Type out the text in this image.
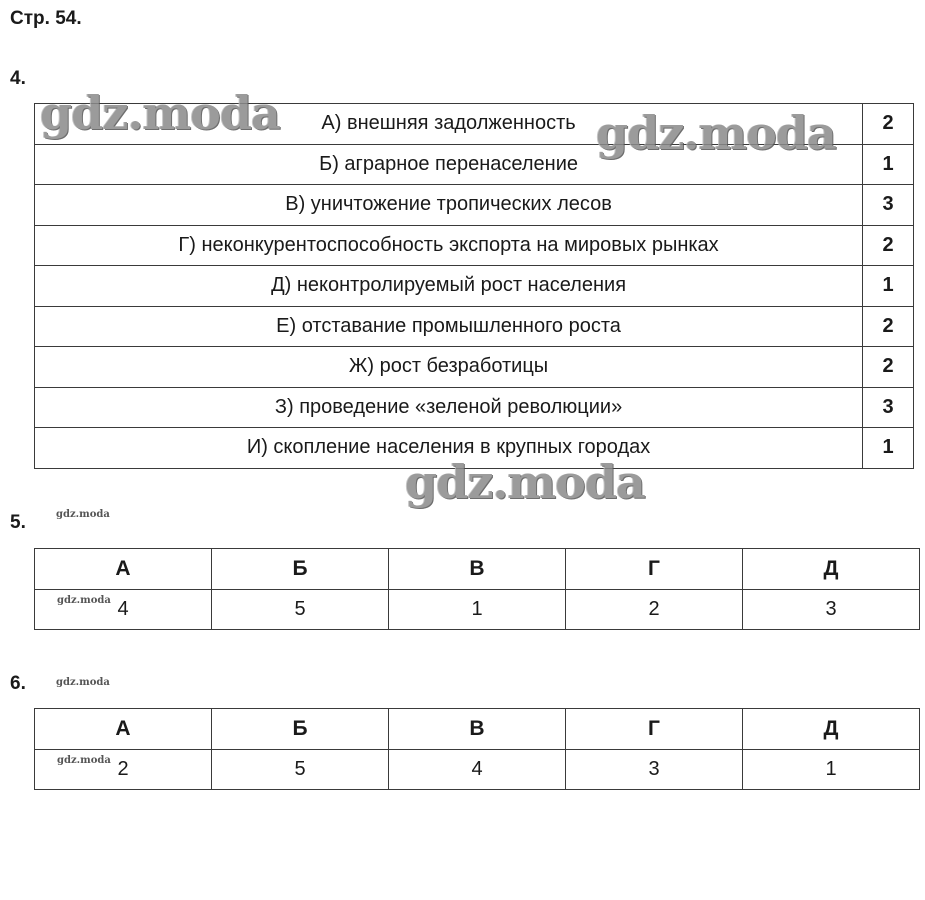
Стр. 54.
4.
А) внешняя задолженность	2
Б) аграрное перенаселение	1
В) уничтожение тропических лесов	3
Г) неконкурентоспособность экспорта на мировых рынках	2
Д) неконтролируемый рост населения	1
Е) отставание промышленного роста	2
Ж) рост безработицы	2
З) проведение «зеленой революции»	3
И) скопление населения в крупных городах	1
gdz.moda	gdz.moda
gdz.moda
5.	gdz.moda
А	Б	В	Г	Д

gdz.moda 4	5	1	2	3
6.	gdz.moda
А	Б	В	Г	Д

gdz.moda 2	5	4	3	1
